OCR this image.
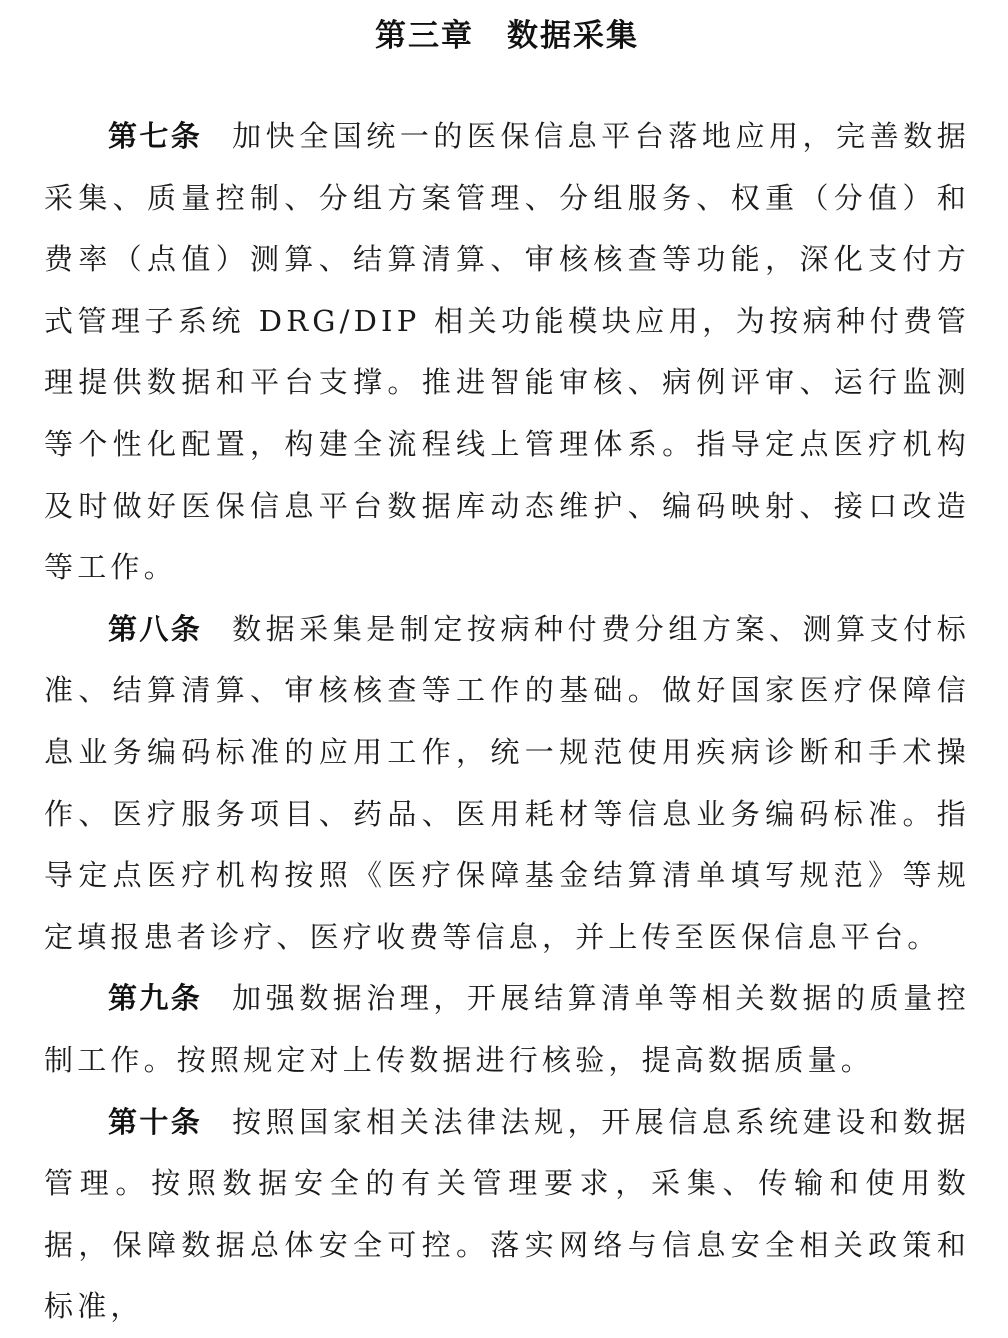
第三章　数据采集

第七条 加快全国统一的医保信息平台落地应用，完善数据采集、质量控制、分组方案管理、分组服务、权重（分值）和费率（点值）测算、结算清算、审核核查等功能，深化支付方式管理子系统 DRG/DIP 相关功能模块应用，为按病种付费管理提供数据和平台支撑。推进智能审核、病例评审、运行监测等个性化配置，构建全流程线上管理体系。指导定点医疗机构及时做好医保信息平台数据库动态维护、编码映射、接口改造等工作。

第八条 数据采集是制定按病种付费分组方案、测算支付标准、结算清算、审核核查等工作的基础。做好国家医疗保障信息业务编码标准的应用工作，统一规范使用疾病诊断和手术操作、医疗服务项目、药品、医用耗材等信息业务编码标准。指导定点医疗机构按照《医疗保障基金结算清单填写规范》等规定填报患者诊疗、医疗收费等信息，并上传至医保信息平台。

第九条 加强数据治理，开展结算清单等相关数据的质量控制工作。按照规定对上传数据进行核验，提高数据质量。

第十条 按照国家相关法律法规，开展信息系统建设和数据管理。按照数据安全的有关管理要求，采集、传输和使用数据，保障数据总体安全可控。落实网络与信息安全相关政策和标准，
